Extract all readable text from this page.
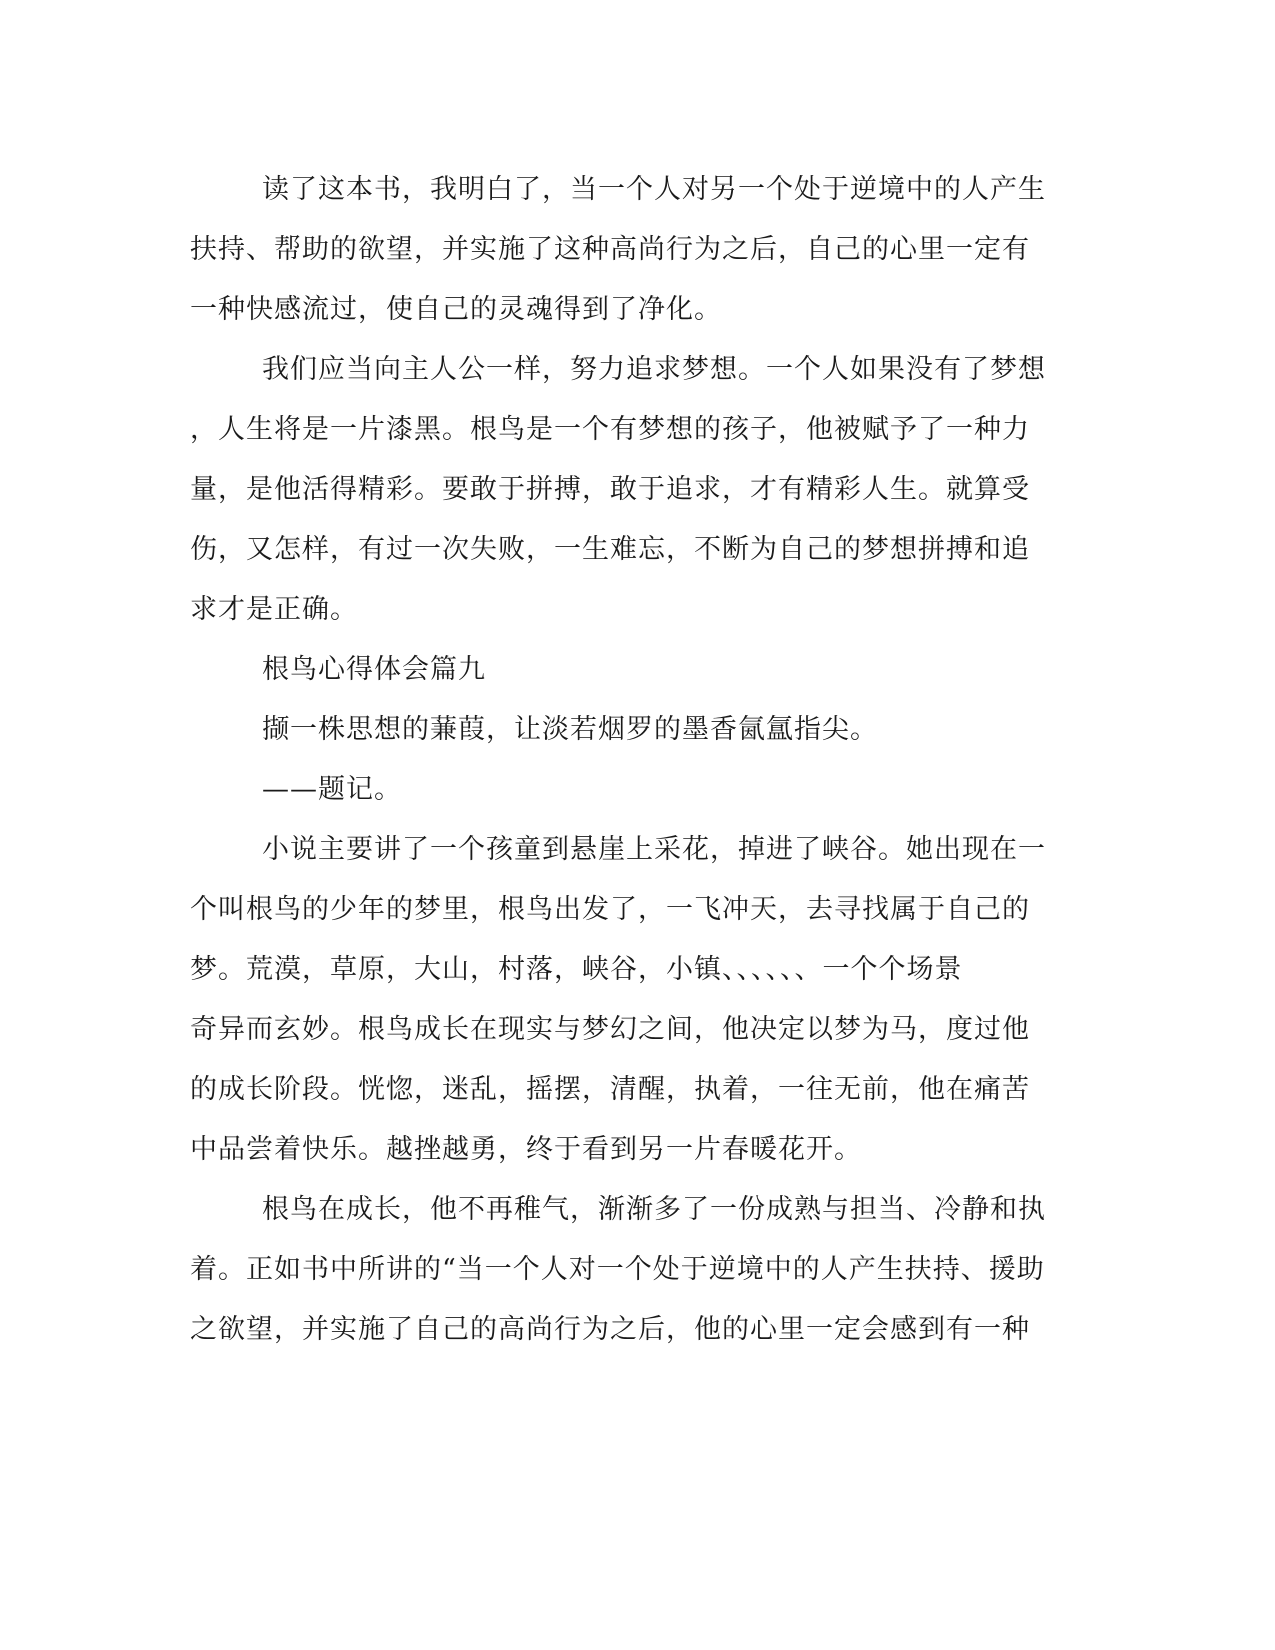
读了这本书，我明白了，当一个人对另一个处于逆境中的人产生
扶持、帮助的欲望，并实施了这种高尚行为之后，自己的心里一定有
一种快感流过，使自己的灵魂得到了净化。
我们应当向主人公一样，努力追求梦想。一个人如果没有了梦想
，人生将是一片漆黑。根鸟是一个有梦想的孩子，他被赋予了一种力
量，是他活得精彩。要敢于拼搏，敢于追求，才有精彩人生。就算受
伤，又怎样，有过一次失败，一生难忘，不断为自己的梦想拼搏和追
求才是正确。
根鸟心得体会篇九
撷一株思想的蒹葭，让淡若烟罗的墨香氤氲指尖。
——题记。
小说主要讲了一个孩童到悬崖上采花，掉进了峡谷。她出现在一
个叫根鸟的少年的梦里，根鸟出发了，一飞冲天，去寻找属于自己的
梦。荒漠，草原，大山，村落，峡谷，小镇、、、、、、一个个场景
奇异而玄妙。根鸟成长在现实与梦幻之间，他决定以梦为马，度过他
的成长阶段。恍惚，迷乱，摇摆，清醒，执着，一往无前，他在痛苦
中品尝着快乐。越挫越勇，终于看到另一片春暖花开。
根鸟在成长，他不再稚气，渐渐多了一份成熟与担当、冷静和执
着。正如书中所讲的“当一个人对一个处于逆境中的人产生扶持、援助
之欲望，并实施了自己的高尚行为之后，他的心里一定会感到有一种
